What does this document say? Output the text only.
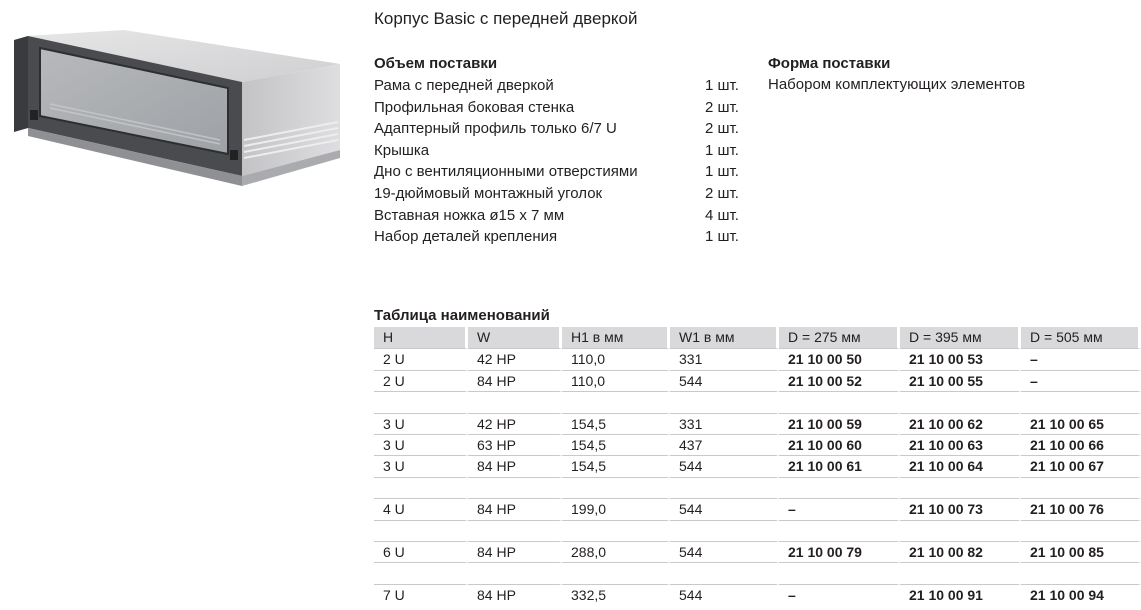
Корпус Basic с передней дверкой
Объем поставки	Форма поставки
Набором комплектующих элементов
Рама с передней дверкой	1 шт.
Профильная боковая стенка	2 шт.
Адаптерный профиль только 6/7 U	2 шт.
Крышка	1 шт.
Дно с вентиляционными отверстиями	1 шт.
19-дюймовый монтажный уголок	2 шт.
Вставная ножка ø15 x 7 мм	4 шт.
Набор деталей крепления	1 шт.
Таблица наименований
H	W	H1 в мм	W1 в мм	D = 275 мм	D = 395 мм	D = 505 мм
2 U	42 HP	110,0	331	21 10 00 50	21 10 00 53	–
2 U	84 HP	110,0	544	21 10 00 52	21 10 00 55	–
3 U	42 HP	154,5	331	21 10 00 59	21 10 00 62	21 10 00 65
3 U	63 HP	154,5	437	21 10 00 60	21 10 00 63	21 10 00 66
3 U	84 HP	154,5	544	21 10 00 61	21 10 00 64	21 10 00 67
4 U	84 HP	199,0	544	–	21 10 00 73	21 10 00 76
6 U	84 HP	288,0	544	21 10 00 79	21 10 00 82	21 10 00 85
7 U	84 HP	332,5	544	–	21 10 00 91	21 10 00 94
